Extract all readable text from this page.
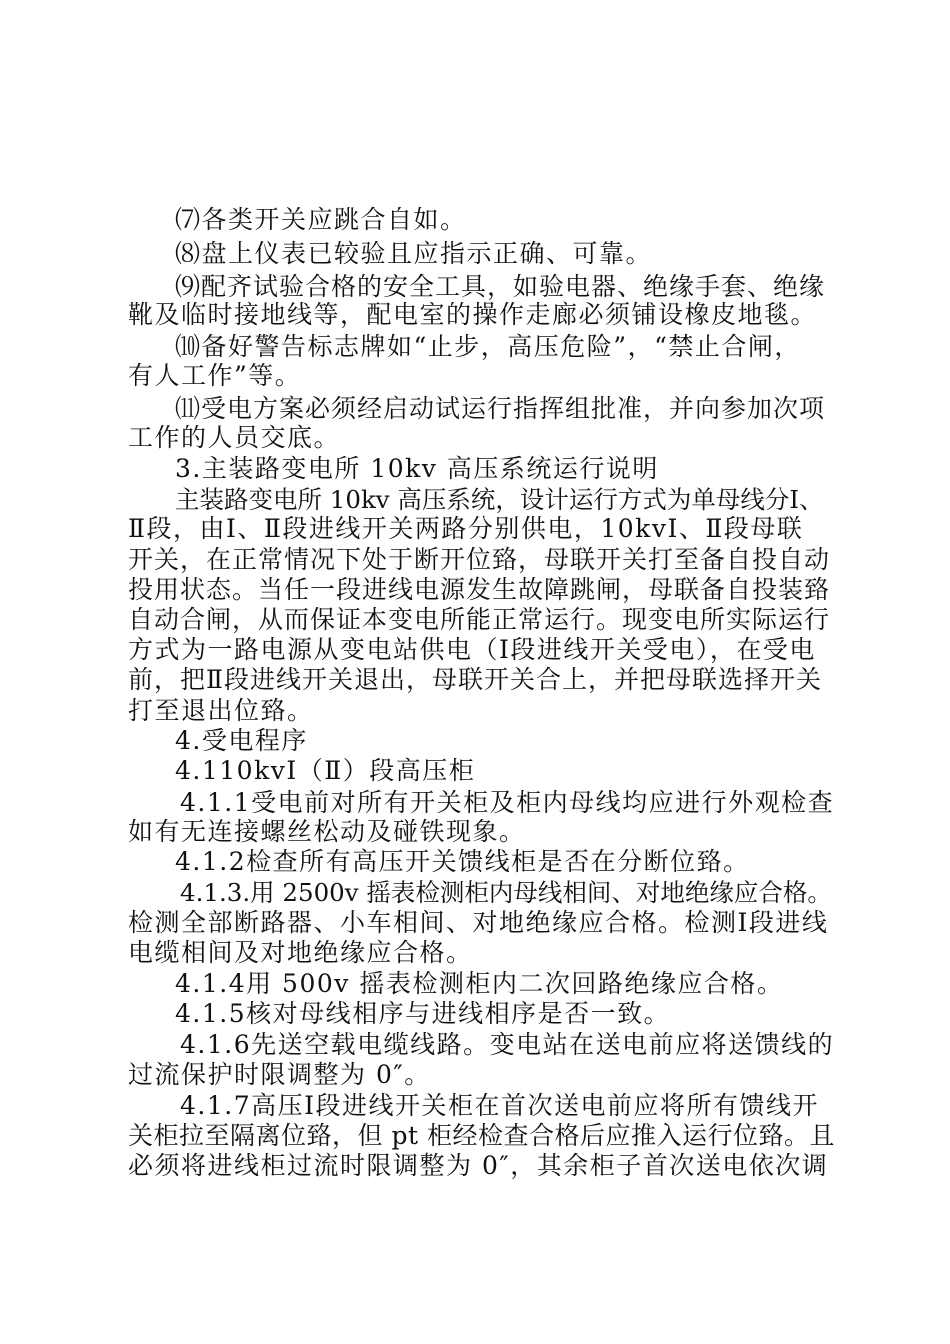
⑺各类开关应跳合自如。
⑻盘上仪表已较验且应指示正确、可靠。
⑼配齐试验合格的安全工具，如验电器、绝缘手套、绝缘
靴及临时接地线等，配电室的操作走廊必须铺设橡皮地毯。
⑽备好警告标志牌如“止步，高压危险”，“禁止合闸，
有人工作”等。
⑾受电方案必须经启动试运行指挥组批准，并向参加次项
工作的人员交底。
3.主装路变电所 10kv 高压系统运行说明
主装路变电所 10kv 高压系统，设计运行方式为单母线分Ⅰ、
Ⅱ段，由Ⅰ、Ⅱ段进线开关两路分别供电，10kvⅠ、Ⅱ段母联
开关，在正常情况下处于断开位臵，母联开关打至备自投自动
投用状态。当任一段进线电源发生故障跳闸，母联备自投装臵
自动合闸，从而保证本变电所能正常运行。现变电所实际运行
方式为一路电源从变电站供电（Ⅰ段进线开关受电），在受电
前，把Ⅱ段进线开关退出，母联开关合上，并把母联选择开关
打至退出位臵。
4.受电程序
4.110kvⅠ（Ⅱ）段高压柜
4.1.1受电前对所有开关柜及柜内母线均应进行外观检查
如有无连接螺丝松动及碰铁现象。
4.1.2检查所有高压开关馈线柜是否在分断位臵。
4.1.3.用 2500v 摇表检测柜内母线相间、对地绝缘应合格。
检测全部断路器、小车相间、对地绝缘应合格。检测Ⅰ段进线
电缆相间及对地绝缘应合格。
4.1.4用 500v 摇表检测柜内二次回路绝缘应合格。
4.1.5核对母线相序与进线相序是否一致。
4.1.6先送空载电缆线路。变电站在送电前应将送馈线的
过流保护时限调整为 0″。
4.1.7高压Ⅰ段进线开关柜在首次送电前应将所有馈线开
关柜拉至隔离位臵，但 pt 柜经检查合格后应推入运行位臵。且
必须将进线柜过流时限调整为 0″，其余柜子首次送电依次调
